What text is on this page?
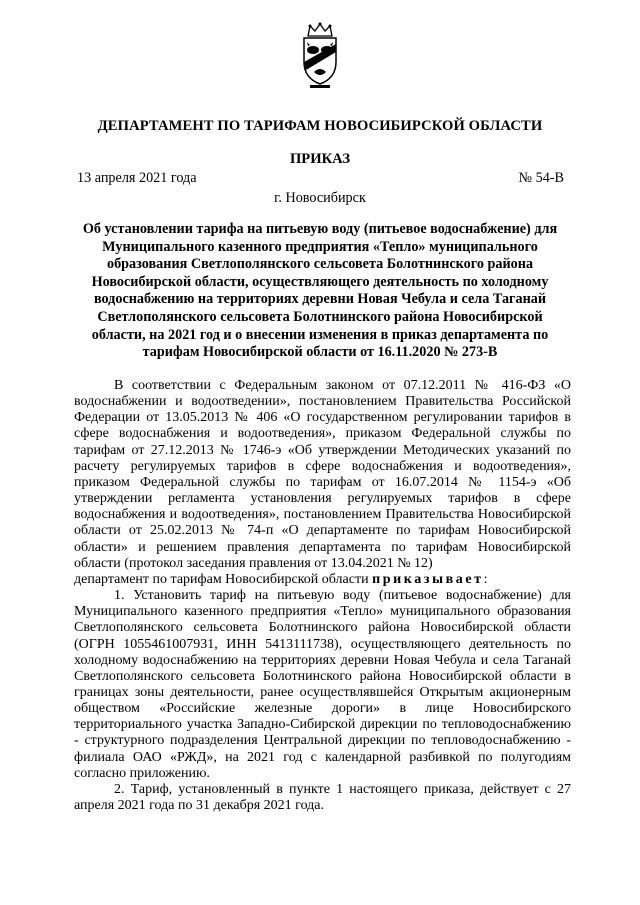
ДЕПАРТАМЕНТ ПО ТАРИФАМ НОВОСИБИРСКОЙ ОБЛАСТИ
ПРИКАЗ
13 апреля 2021 года	№ 54-В
г. Новосибирск
Об установлении тарифа на питьевую воду (питьевое водоснабжение) для Муниципального казенного предприятия «Тепло» муниципального образования Светлополянского сельсовета Болотнинского района Новосибирской области, осуществляющего деятельность по холодному водоснабжению на территориях деревни Новая Чебула и села Таганай Светлополянского сельсовета Болотнинского района Новосибирской области, на 2021 год и о внесении изменения в приказ департамента по тарифам Новосибирской области от 16.11.2020 № 273-В

В соответствии с Федеральным законом от 07.12.2011 № 416-ФЗ «О водоснабжении и водоотведении», постановлением Правительства Российской Федерации от 13.05.2013 № 406 «О государственном регулировании тарифов в сфере водоснабжения и водоотведения», приказом Федеральной службы по тарифам от 27.12.2013 № 1746-э «Об утверждении Методических указаний по расчету регулируемых тарифов в сфере водоснабжения и водоотведения», приказом Федеральной службы по тарифам от 16.07.2014 № 1154-э «Об утверждении регламента установления регулируемых тарифов в сфере водоснабжения и водоотведения», постановлением Правительства Новосибирской области от 25.02.2013 № 74-п «О департаменте по тарифам Новосибирской области» и решением правления департамента по тарифам Новосибирской области (протокол заседания правления от 13.04.2021 № 12)

департамент по тарифам Новосибирской области приказывает:

1. Установить тариф на питьевую воду (питьевое водоснабжение) для Муниципального казенного предприятия «Тепло» муниципального образования Светлополянского сельсовета Болотнинского района Новосибирской области (ОГРН 1055461007931, ИНН 5413111738), осуществляющего деятельность по холодному водоснабжению на территориях деревни Новая Чебула и села Таганай Светлополянского сельсовета Болотнинского района Новосибирской области в границах зоны деятельности, ранее осуществлявшейся Открытым акционерным обществом «Российские железные дороги» в лице Новосибирского территориального участка Западно-Сибирской дирекции по тепловодоснабжению - структурного подразделения Центральной дирекции по тепловодоснабжению - филиала ОАО «РЖД», на 2021 год с календарной разбивкой по полугодиям согласно приложению.

2. Тариф, установленный в пункте 1 настоящего приказа, действует с 27 апреля 2021 года по 31 декабря 2021 года.
